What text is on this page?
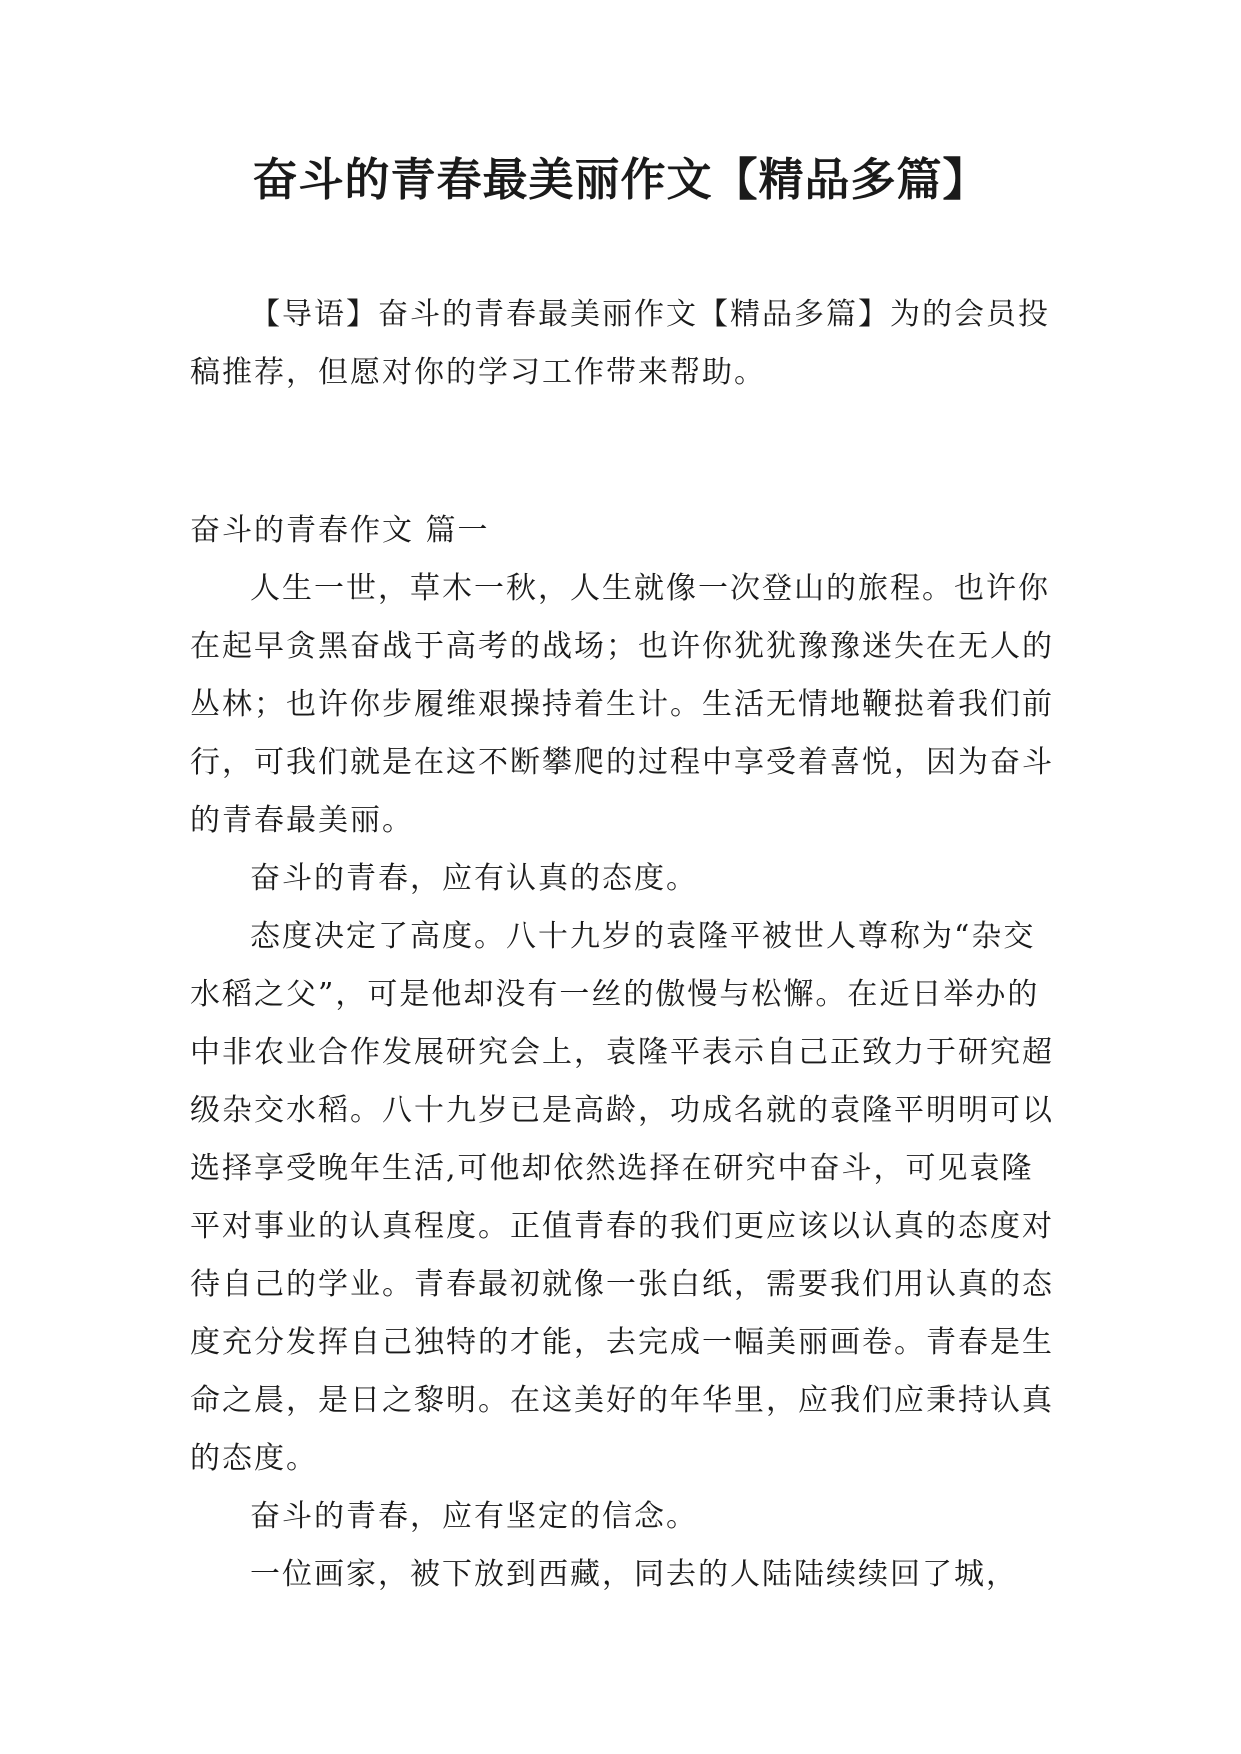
奋斗的青春最美丽作文【精品多篇】

【导语】奋斗的青春最美丽作文【精品多篇】为的会员投稿推荐，但愿对你的学习工作带来帮助。

奋斗的青春作文 篇一

人生一世，草木一秋，人生就像一次登山的旅程。也许你在起早贪黑奋战于高考的战场；也许你犹犹豫豫迷失在无人的丛林；也许你步履维艰操持着生计。生活无情地鞭挞着我们前行，可我们就是在这不断攀爬的过程中享受着喜悦，因为奋斗的青春最美丽。

奋斗的青春，应有认真的态度。

态度决定了高度。八十九岁的袁隆平被世人尊称为“杂交水稻之父”，可是他却没有一丝的傲慢与松懈。在近日举办的中非农业合作发展研究会上，袁隆平表示自己正致力于研究超级杂交水稻。八十九岁已是高龄，功成名就的袁隆平明明可以选择享受晚年生活,可他却依然选择在研究中奋斗，可见袁隆平对事业的认真程度。正值青春的我们更应该以认真的态度对待自己的学业。青春最初就像一张白纸，需要我们用认真的态度充分发挥自己独特的才能，去完成一幅美丽画卷。青春是生命之晨，是日之黎明。在这美好的年华里，应我们应秉持认真的态度。

奋斗的青春，应有坚定的信念。

一位画家，被下放到西藏，同去的人陆陆续续回了城，
